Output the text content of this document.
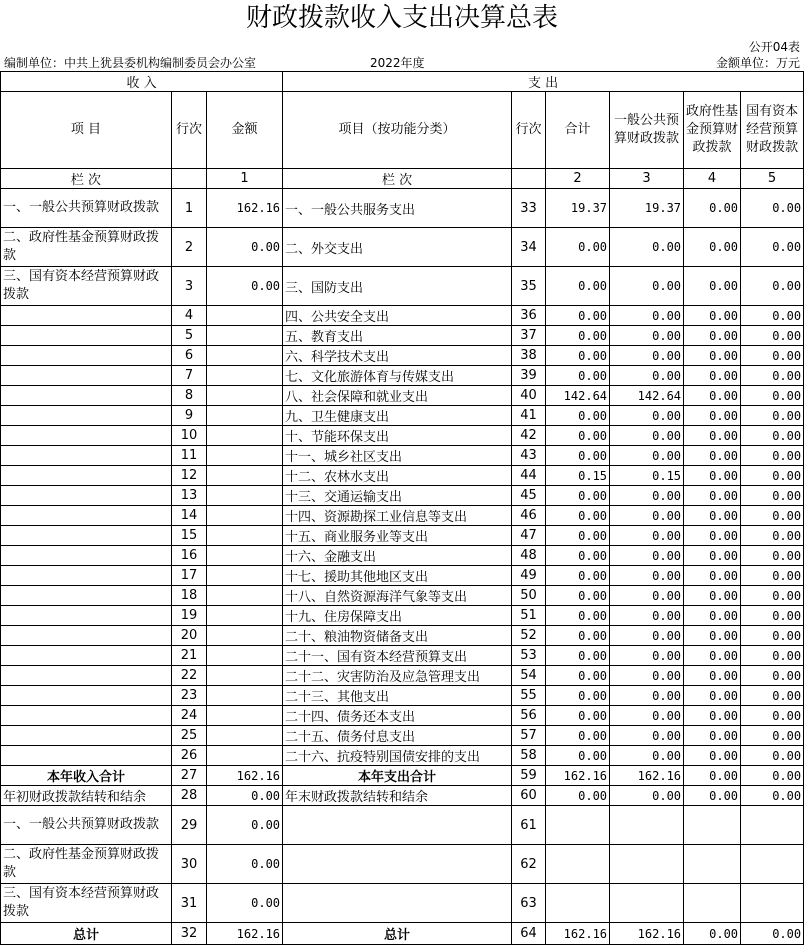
财政拨款收入支出决算总表
公开04表
编制单位：中共上犹县委机构编制委员会办公室	2022年度	金额单位：万元
收 入			支 出					
项 目	行次	金额	项目（按功能分类）	行次	合计	一般公共预算财政拨款	政府性基金预算财政拨款	国有资本经营预算财政拨款
栏 次		1	栏 次		2	3	4	5
一、一般公共预算财政拨款	1	162.16	一、一般公共服务支出	33	19.37	19.37	0.00	0.00
二、政府性基金预算财政拨款	2	0.00	二、外交支出	34	0.00	0.00	0.00	0.00
三、国有资本经营预算财政拨款	3	0.00	三、国防支出	35	0.00	0.00	0.00	0.00
	4		四、公共安全支出	36	0.00	0.00	0.00	0.00
	5		五、教育支出	37	0.00	0.00	0.00	0.00
	6		六、科学技术支出	38	0.00	0.00	0.00	0.00
	7		七、文化旅游体育与传媒支出	39	0.00	0.00	0.00	0.00
	8		八、社会保障和就业支出	40	142.64	142.64	0.00	0.00
	9		九、卫生健康支出	41	0.00	0.00	0.00	0.00
	10		十、节能环保支出	42	0.00	0.00	0.00	0.00
	11		十一、城乡社区支出	43	0.00	0.00	0.00	0.00
	12		十二、农林水支出	44	0.15	0.15	0.00	0.00
	13		十三、交通运输支出	45	0.00	0.00	0.00	0.00
	14		十四、资源勘探工业信息等支出	46	0.00	0.00	0.00	0.00
	15		十五、商业服务业等支出	47	0.00	0.00	0.00	0.00
	16		十六、金融支出	48	0.00	0.00	0.00	0.00
	17		十七、援助其他地区支出	49	0.00	0.00	0.00	0.00
	18		十八、自然资源海洋气象等支出	50	0.00	0.00	0.00	0.00
	19		十九、住房保障支出	51	0.00	0.00	0.00	0.00
	20		二十、粮油物资储备支出	52	0.00	0.00	0.00	0.00
	21		二十一、国有资本经营预算支出	53	0.00	0.00	0.00	0.00
	22		二十二、灾害防治及应急管理支出	54	0.00	0.00	0.00	0.00
	23		二十三、其他支出	55	0.00	0.00	0.00	0.00
	24		二十四、债务还本支出	56	0.00	0.00	0.00	0.00
	25		二十五、债务付息支出	57	0.00	0.00	0.00	0.00
	26		二十六、抗疫特别国债安排的支出	58	0.00	0.00	0.00	0.00
本年收入合计	27	162.16	本年支出合计	59	162.16	162.16	0.00	0.00
年初财政拨款结转和结余	28	0.00	年末财政拨款结转和结余	60	0.00	0.00	0.00	0.00
一、一般公共预算财政拨款	29	0.00		61				
二、政府性基金预算财政拨款	30	0.00		62				
三、国有资本经营预算财政拨款	31	0.00		63				
总计	32	162.16	总计	64	162.16	162.16	0.00	0.00
